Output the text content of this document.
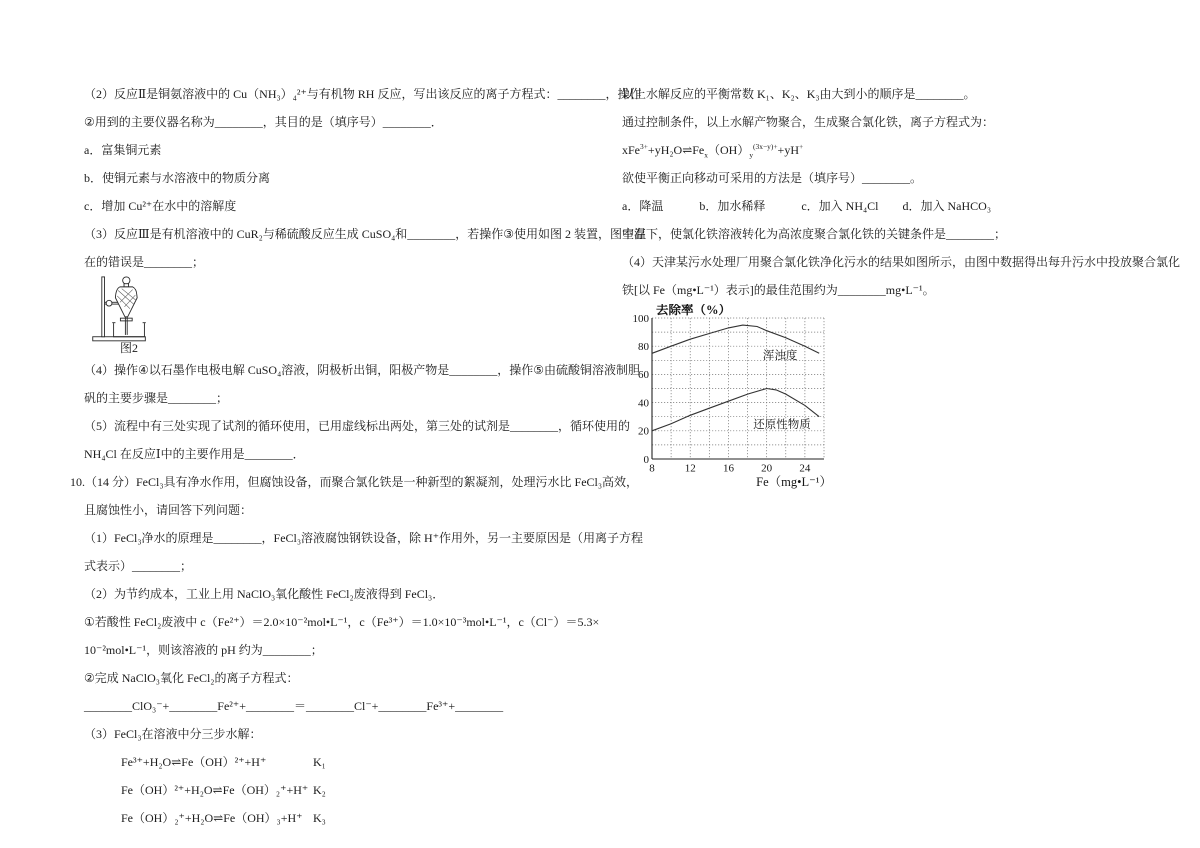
（2）反应Ⅱ是铜氨溶液中的 Cu（NH₃）₄²⁺与有机物 RH 反应，写出该反应的离子方程式：________，操作
②用到的主要仪器名称为________，其目的是（填序号）________．
a．富集铜元素
b．使铜元素与水溶液中的物质分离
c．增加 Cu²⁺在水中的溶解度
（3）反应Ⅲ是有机溶液中的 CuR₂与稀硫酸反应生成 CuSO₄和________，若操作③使用如图 2 装置，图中存
在的错误是________；
图2
（4）操作④以石墨作电极电解 CuSO₄溶液，阴极析出铜，阳极产物是________，操作⑤由硫酸铜溶液制胆
矾的主要步骤是________；
（5）流程中有三处实现了试剂的循环使用，已用虚线标出两处，第三处的试剂是________，循环使用的
NH₄Cl 在反应Ⅰ中的主要作用是________．
10.（14 分）FeCl₃具有净水作用，但腐蚀设备，而聚合氯化铁是一种新型的絮凝剂，处理污水比 FeCl₃高效，
且腐蚀性小，请回答下列问题：
（1）FeCl₃净水的原理是________，FeCl₃溶液腐蚀钢铁设备，除 H⁺作用外，另一主要原因是（用离子方程
式表示）________；
（2）为节约成本，工业上用 NaClO₃氧化酸性 FeCl₂废液得到 FeCl₃．
①若酸性 FeCl₂废液中 c（Fe²⁺）＝2.0×10⁻²mol•L⁻¹，c（Fe³⁺）＝1.0×10⁻³mol•L⁻¹，c（Cl⁻）＝5.3×
10⁻²mol•L⁻¹，则该溶液的 pH 约为________；
②完成 NaClO₃氧化 FeCl₂的离子方程式：
________ClO₃⁻+________Fe²⁺+________＝________Cl⁻+________Fe³⁺+________
（3）FeCl₃在溶液中分三步水解：
Fe³⁺+H₂O⇌Fe（OH）²⁺+H⁺	K₁
Fe（OH）²⁺+H₂O⇌Fe（OH）₂⁺+H⁺ K₂
Fe（OH）₂⁺+H₂O⇌Fe（OH）₃+H⁺ K₃
以上水解反应的平衡常数 K₁、K₂、K₃由大到小的顺序是________。
通过控制条件，以上水解产物聚合，生成聚合氯化铁，离子方程式为：
$xFe^{3+}+yH_2O\rightleftharpoons Fe_x(OH)_y^{(3x-y)+}+yH^+$
欲使平衡正向移动可采用的方法是（填序号）________。
a．降温　　　b．加水稀释　　　c．加入 NH₄Cl　　d．加入 NaHCO₃
室温下，使氯化铁溶液转化为高浓度聚合氯化铁的关键条件是________；
（4）天津某污水处理厂用聚合氯化铁净化污水的结果如图所示，由图中数据得出每升污水中投放聚合氯化
铁[以 Fe（mg•L⁻¹）表示]的最佳范围约为________mg•L⁻¹。
0
20
40
60
80
100
8	12 16 20 24
去除率（%）
Fe（mg•L⁻¹）
浑浊度
还原性物质
